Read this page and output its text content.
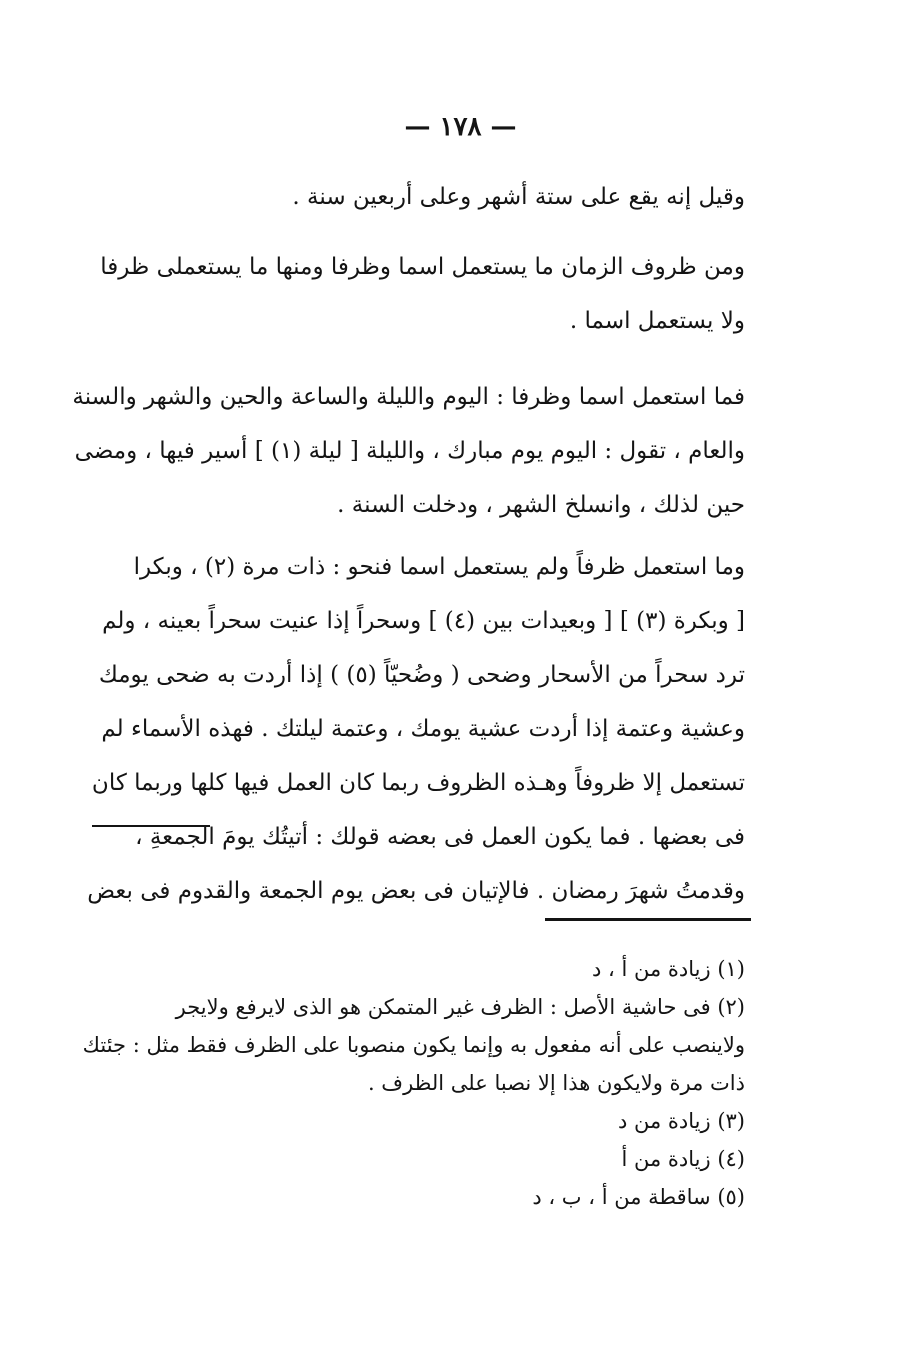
— ١٧٨ —
وقيل إنه يقع على ستة أشهر وعلى أربعين سنة .
ومن ظروف الزمان ما يستعمل اسما وظرفا ومنها ما يستعملى ظرفا
ولا يستعمل اسما .
فما استعمل اسما وظرفا : اليوم والليلة والساعة والحين والشهر والسنة
والعام ، تقول : اليوم يوم مبارك ، والليلة [ ليلة (١) ] أسير فيها ، ومضى
حين لذلك ، وانسلخ الشهر ، ودخلت السنة .
وما استعمل ظرفاً ولم يستعمل اسما فنحو : ذات مرة (٢) ، وبكرا
[ وبكرة (٣) ] [ وبعيدات بين (٤) ] وسحراً إذا عنيت سحراً بعينه ، ولم
ترد سحراً من الأسحار وضحى ( وضُحيّاً (٥) ) إذا أردت به ضحى يومك
وعشية وعتمة إذا أردت عشية يومك ، وعتمة ليلتك . فهذه الأسماء لم
تستعمل إلا ظروفاً وهـذه الظروف ربما كان العمل فيها كلها وربما كان
فى بعضها . فما يكون العمل فى بعضه قولك : أتيتُك يومَ الجمعةِ ،
وقدمتُ شهرَ رمضان . فالإتيان فى بعض يوم الجمعة والقدوم فى بعض
(١) زيادة من أ ، د
(٢) فى حاشية الأصل : الظرف غير المتمكن هو الذى لايرفع ولايجر
ولاينصب على أنه مفعول به وإنما يكون منصوبا على الظرف فقط مثل : جئتك
ذات مرة ولايكون هذا إلا نصبا على الظرف .
(٣) زيادة من د
(٤) زيادة من أ
(٥) ساقطة من أ ، ب ، د
